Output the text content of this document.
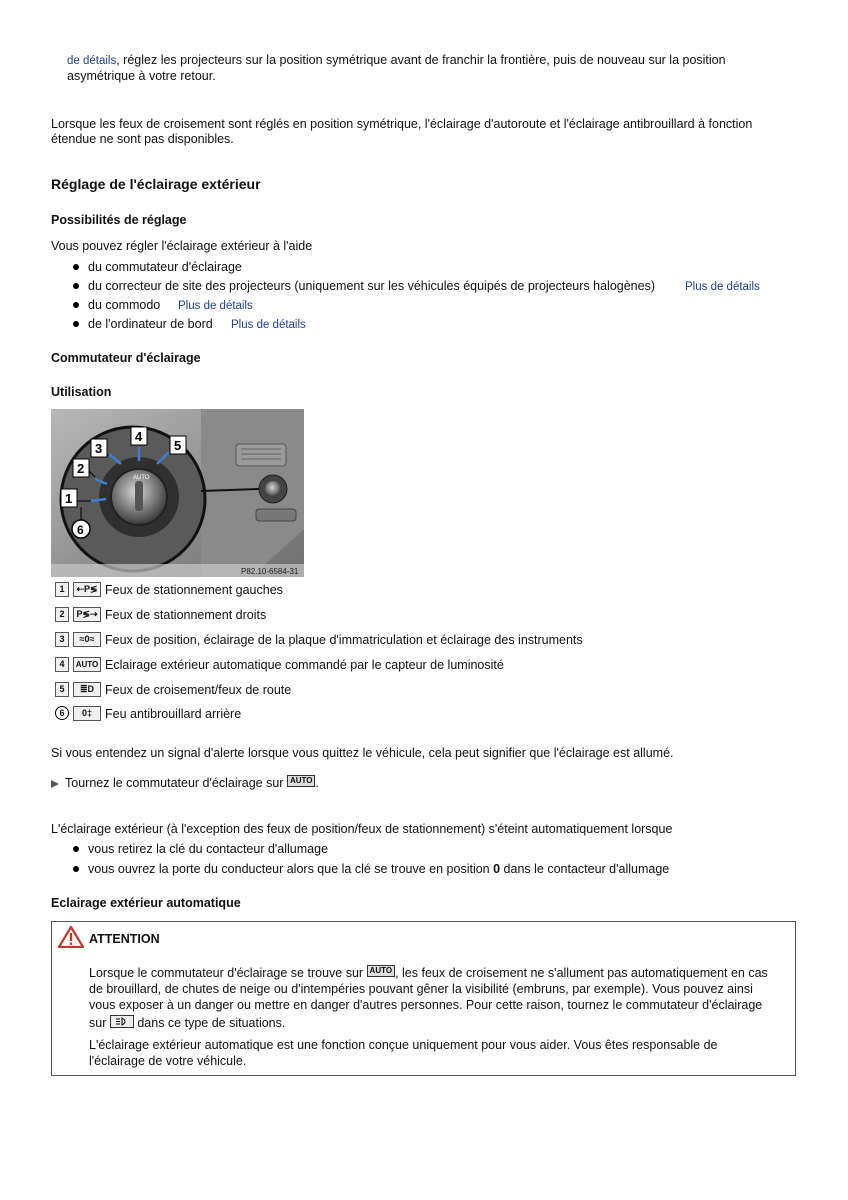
de détails, réglez les projecteurs sur la position symétrique avant de franchir la frontière, puis de nouveau sur la position
asymétrique à votre retour.
Lorsque les feux de croisement sont réglés en position symétrique, l'éclairage d'autoroute et l'éclairage antibrouillard à fonction
étendue ne sont pas disponibles.
Réglage de l'éclairage extérieur
Possibilités de réglage
Vous pouvez régler l'éclairage extérieur à l'aide
du commutateur d'éclairage
du correcteur de site des projecteurs (uniquement sur les véhicules équipés de projecteurs halogènes)	Plus de détails
du commodo Plus de détails
de l'ordinateur de bord Plus de détails
Commutateur d'éclairage
Utilisation
AUTO
3
4
5
2
1
6
P82.10-6584-31
1	⇠P≶ Feux de stationnement gauches
2	P≶⇢ Feux de stationnement droits
3	≈0≈ Feux de position, éclairage de la plaque d'immatriculation et éclairage des instruments
4	AUTO Eclairage extérieur automatique commandé par le capteur de luminosité
5	≣D Feux de croisement/feux de route
6	0‡	Feu antibrouillard arrière
Si vous entendez un signal d'alerte lorsque vous quittez le véhicule, cela peut signifier que l'éclairage est allumé.
Tournez le commutateur d'éclairage sur AUTO .
L'éclairage extérieur (à l'exception des feux de position/feux de stationnement) s'éteint automatiquement lorsque
vous retirez la clé du contacteur d'allumage
vous ouvrez la porte du conducteur alors que la clé se trouve en position 0 dans le contacteur d'allumage
Eclairage extérieur automatique
ATTENTION
Lorsque le commutateur d'éclairage se trouve sur AUTO , les feux de croisement ne s'allument pas automatiquement en cas
de brouillard, de chutes de neige ou d'intempéries pouvant gêner la visibilité (embruns, par exemple). Vous pouvez ainsi
vous exposer à un danger ou mettre en danger d'autres personnes. Pour cette raison, tournez le commutateur d'éclairage
sur dans ce type de situations.
L'éclairage extérieur automatique est une fonction conçue uniquement pour vous aider. Vous êtes responsable de
l'éclairage de votre véhicule.
